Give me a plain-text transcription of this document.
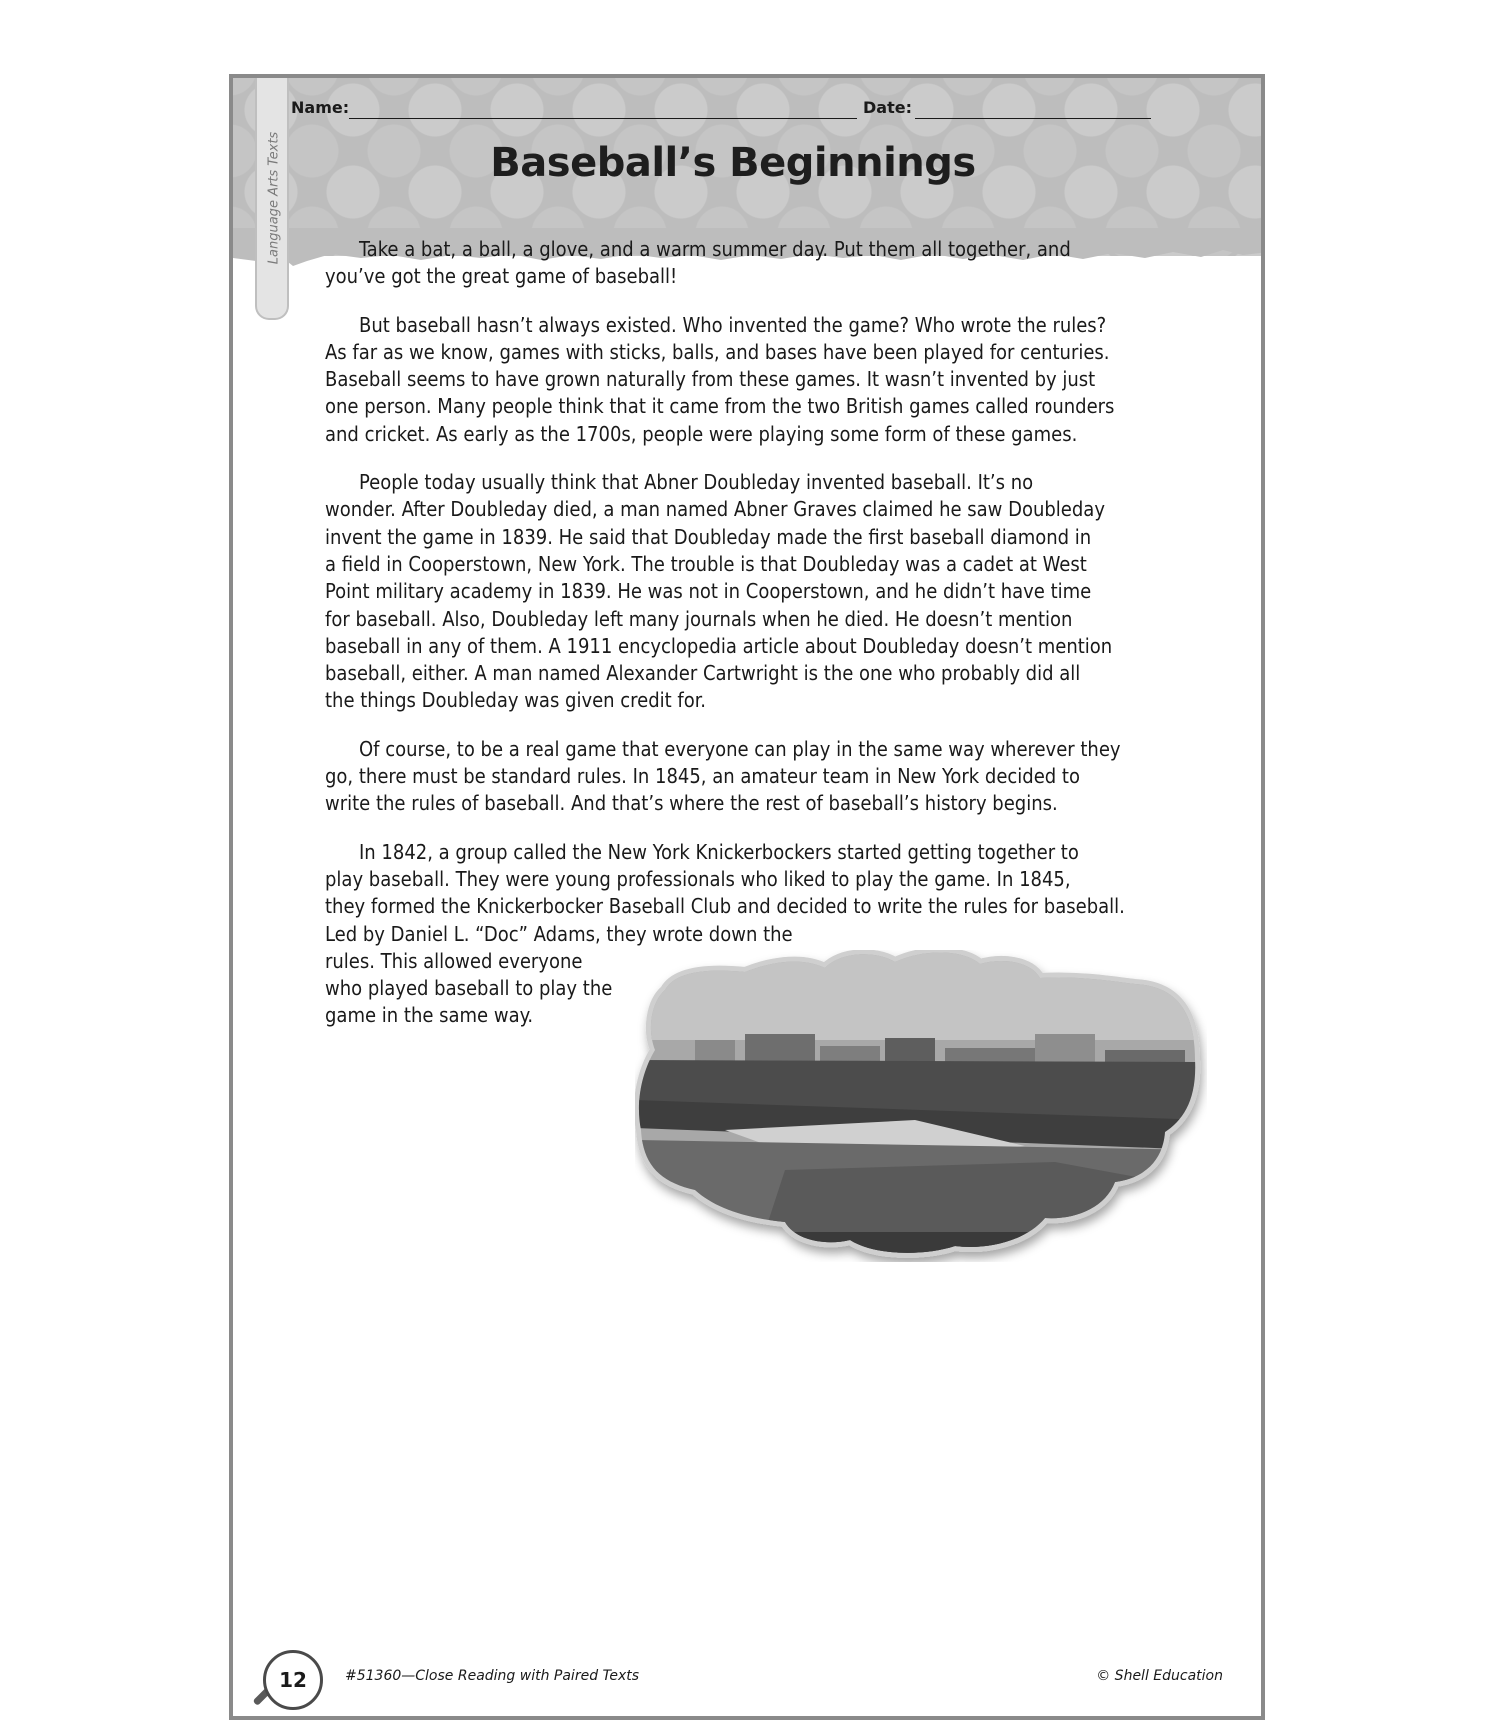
Language Arts Texts
Name:	Date:
Baseball’s Beginnings

Take a bat, a ball, a glove, and a warm summer day. Put them all together, and
you’ve got the great game of baseball!

But baseball hasn’t always existed. Who invented the game? Who wrote the rules?
As far as we know, games with sticks, balls, and bases have been played for centuries.
Baseball seems to have grown naturally from these games. It wasn’t invented by just
one person. Many people think that it came from the two British games called rounders
and cricket. As early as the 1700s, people were playing some form of these games.

People today usually think that Abner Doubleday invented baseball. It’s no
wonder. After Doubleday died, a man named Abner Graves claimed he saw Doubleday
invent the game in 1839. He said that Doubleday made the first baseball diamond in
a field in Cooperstown, New York. The trouble is that Doubleday was a cadet at West
Point military academy in 1839. He was not in Cooperstown, and he didn’t have time
for baseball. Also, Doubleday left many journals when he died. He doesn’t mention
baseball in any of them. A 1911 encyclopedia article about Doubleday doesn’t mention
baseball, either. A man named Alexander Cartwright is the one who probably did all
the things Doubleday was given credit for.

Of course, to be a real game that everyone can play in the same way wherever they
go, there must be standard rules. In 1845, an amateur team in New York decided to
write the rules of baseball. And that’s where the rest of baseball’s history begins.

In 1842, a group called the New York Knickerbockers started getting together to
play baseball. They were young professionals who liked to play the game. In 1845,
they formed the Knickerbocker Baseball Club and decided to write the rules for baseball.
Led by Daniel L. “Doc” Adams, they wrote down the
rules. This allowed everyone
who played baseball to play the
game in the same way.

12	#51360—Close Reading with Paired Texts	© Shell Education
